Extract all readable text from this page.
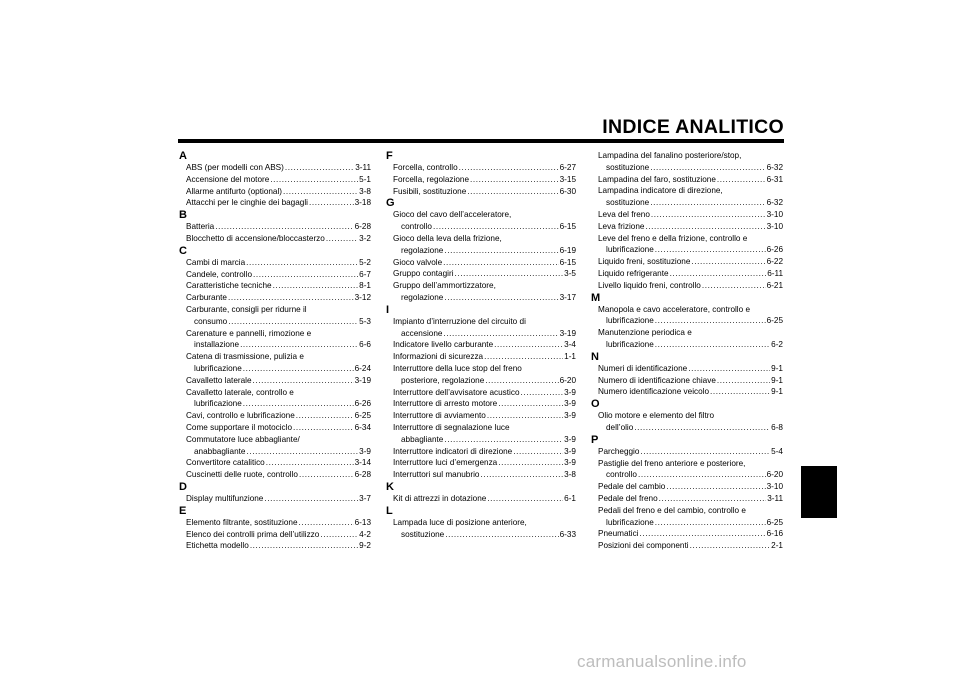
INDICE ANALITICO
A
ABS (per modelli con ABS) .....	3-11
Accensione del motore .....	5-1
Allarme antifurto (optional) .....	3-8
Attacchi per le cinghie dei bagagli .....	3-18
B
Batteria .....	6-28
Blocchetto di accensione/bloccasterzo .....	3-2
C
Cambi di marcia .....	5-2
Candele, controllo .....	6-7
Caratteristiche tecniche .....	8-1
Carburante .....	3-12
Carburante, consigli per ridurne il
consumo .....	5-3
Carenature e pannelli, rimozione e
installazione .....	6-6
Catena di trasmissione, pulizia e
lubrificazione .....	6-24
Cavalletto laterale .....	3-19
Cavalletto laterale, controllo e
lubrificazione .....	6-26
Cavi, controllo e lubrificazione .....	6-25
Come supportare il motociclo .....	6-34
Commutatore luce abbagliante/
anabbagliante .....	3-9
Convertitore catalitico .....	3-14
Cuscinetti delle ruote, controllo .....	6-28
D
Display multifunzione .....	3-7
E
Elemento filtrante, sostituzione .....	6-13
Elenco dei controlli prima dell’utilizzo .....	4-2
Etichetta modello .....	9-2
F
Forcella, controllo .....	6-27
Forcella, regolazione .....	3-15
Fusibili, sostituzione .....	6-30
G
Gioco del cavo dell’acceleratore,
controllo .....	6-15
Gioco della leva della frizione,
regolazione .....	6-19
Gioco valvole .....	6-15
Gruppo contagiri .....	3-5
Gruppo dell’ammortizzatore,
regolazione .....	3-17
I
Impianto d’interruzione del circuito di
accensione .....	3-19
Indicatore livello carburante .....	3-4
Informazioni di sicurezza .....	1-1
Interruttore della luce stop del freno
posteriore, regolazione .....	6-20
Interruttore dell’avvisatore acustico .....	3-9
Interruttore di arresto motore .....	3-9
Interruttore di avviamento .....	3-9
Interruttore di segnalazione luce
abbagliante .....	3-9
Interruttore indicatori di direzione .....	3-9
Interruttore luci d’emergenza .....	3-9
Interruttori sul manubrio .....	3-8
K
Kit di attrezzi in dotazione .....	6-1
L
Lampada luce di posizione anteriore,
sostituzione .....	6-33
Lampadina del fanalino posteriore/stop,
sostituzione .....	6-32
Lampadina del faro, sostituzione .....	6-31
Lampadina indicatore di direzione,
sostituzione .....	6-32
Leva del freno .....	3-10
Leva frizione .....	3-10
Leve del freno e della frizione, controllo e
lubrificazione .....	6-26
Liquido freni, sostituzione .....	6-22
Liquido refrigerante .....	6-11
Livello liquido freni, controllo .....	6-21
M
Manopola e cavo acceleratore, controllo e
lubrificazione .....	6-25
Manutenzione periodica e
lubrificazione .....	6-2
N
Numeri di identificazione .....	9-1
Numero di identificazione chiave .....	9-1
Numero identificazione veicolo .....	9-1
O
Olio motore e elemento del filtro
dell’olio .....	6-8
P
Parcheggio .....	5-4
Pastiglie del freno anteriore e posteriore,
controllo .....	6-20
Pedale del cambio .....	3-10
Pedale del freno .....	3-11
Pedali del freno e del cambio, controllo e
lubrificazione .....	6-25
Pneumatici .....	6-16
Posizioni dei componenti .....	2-1
carmanualsonline.info
